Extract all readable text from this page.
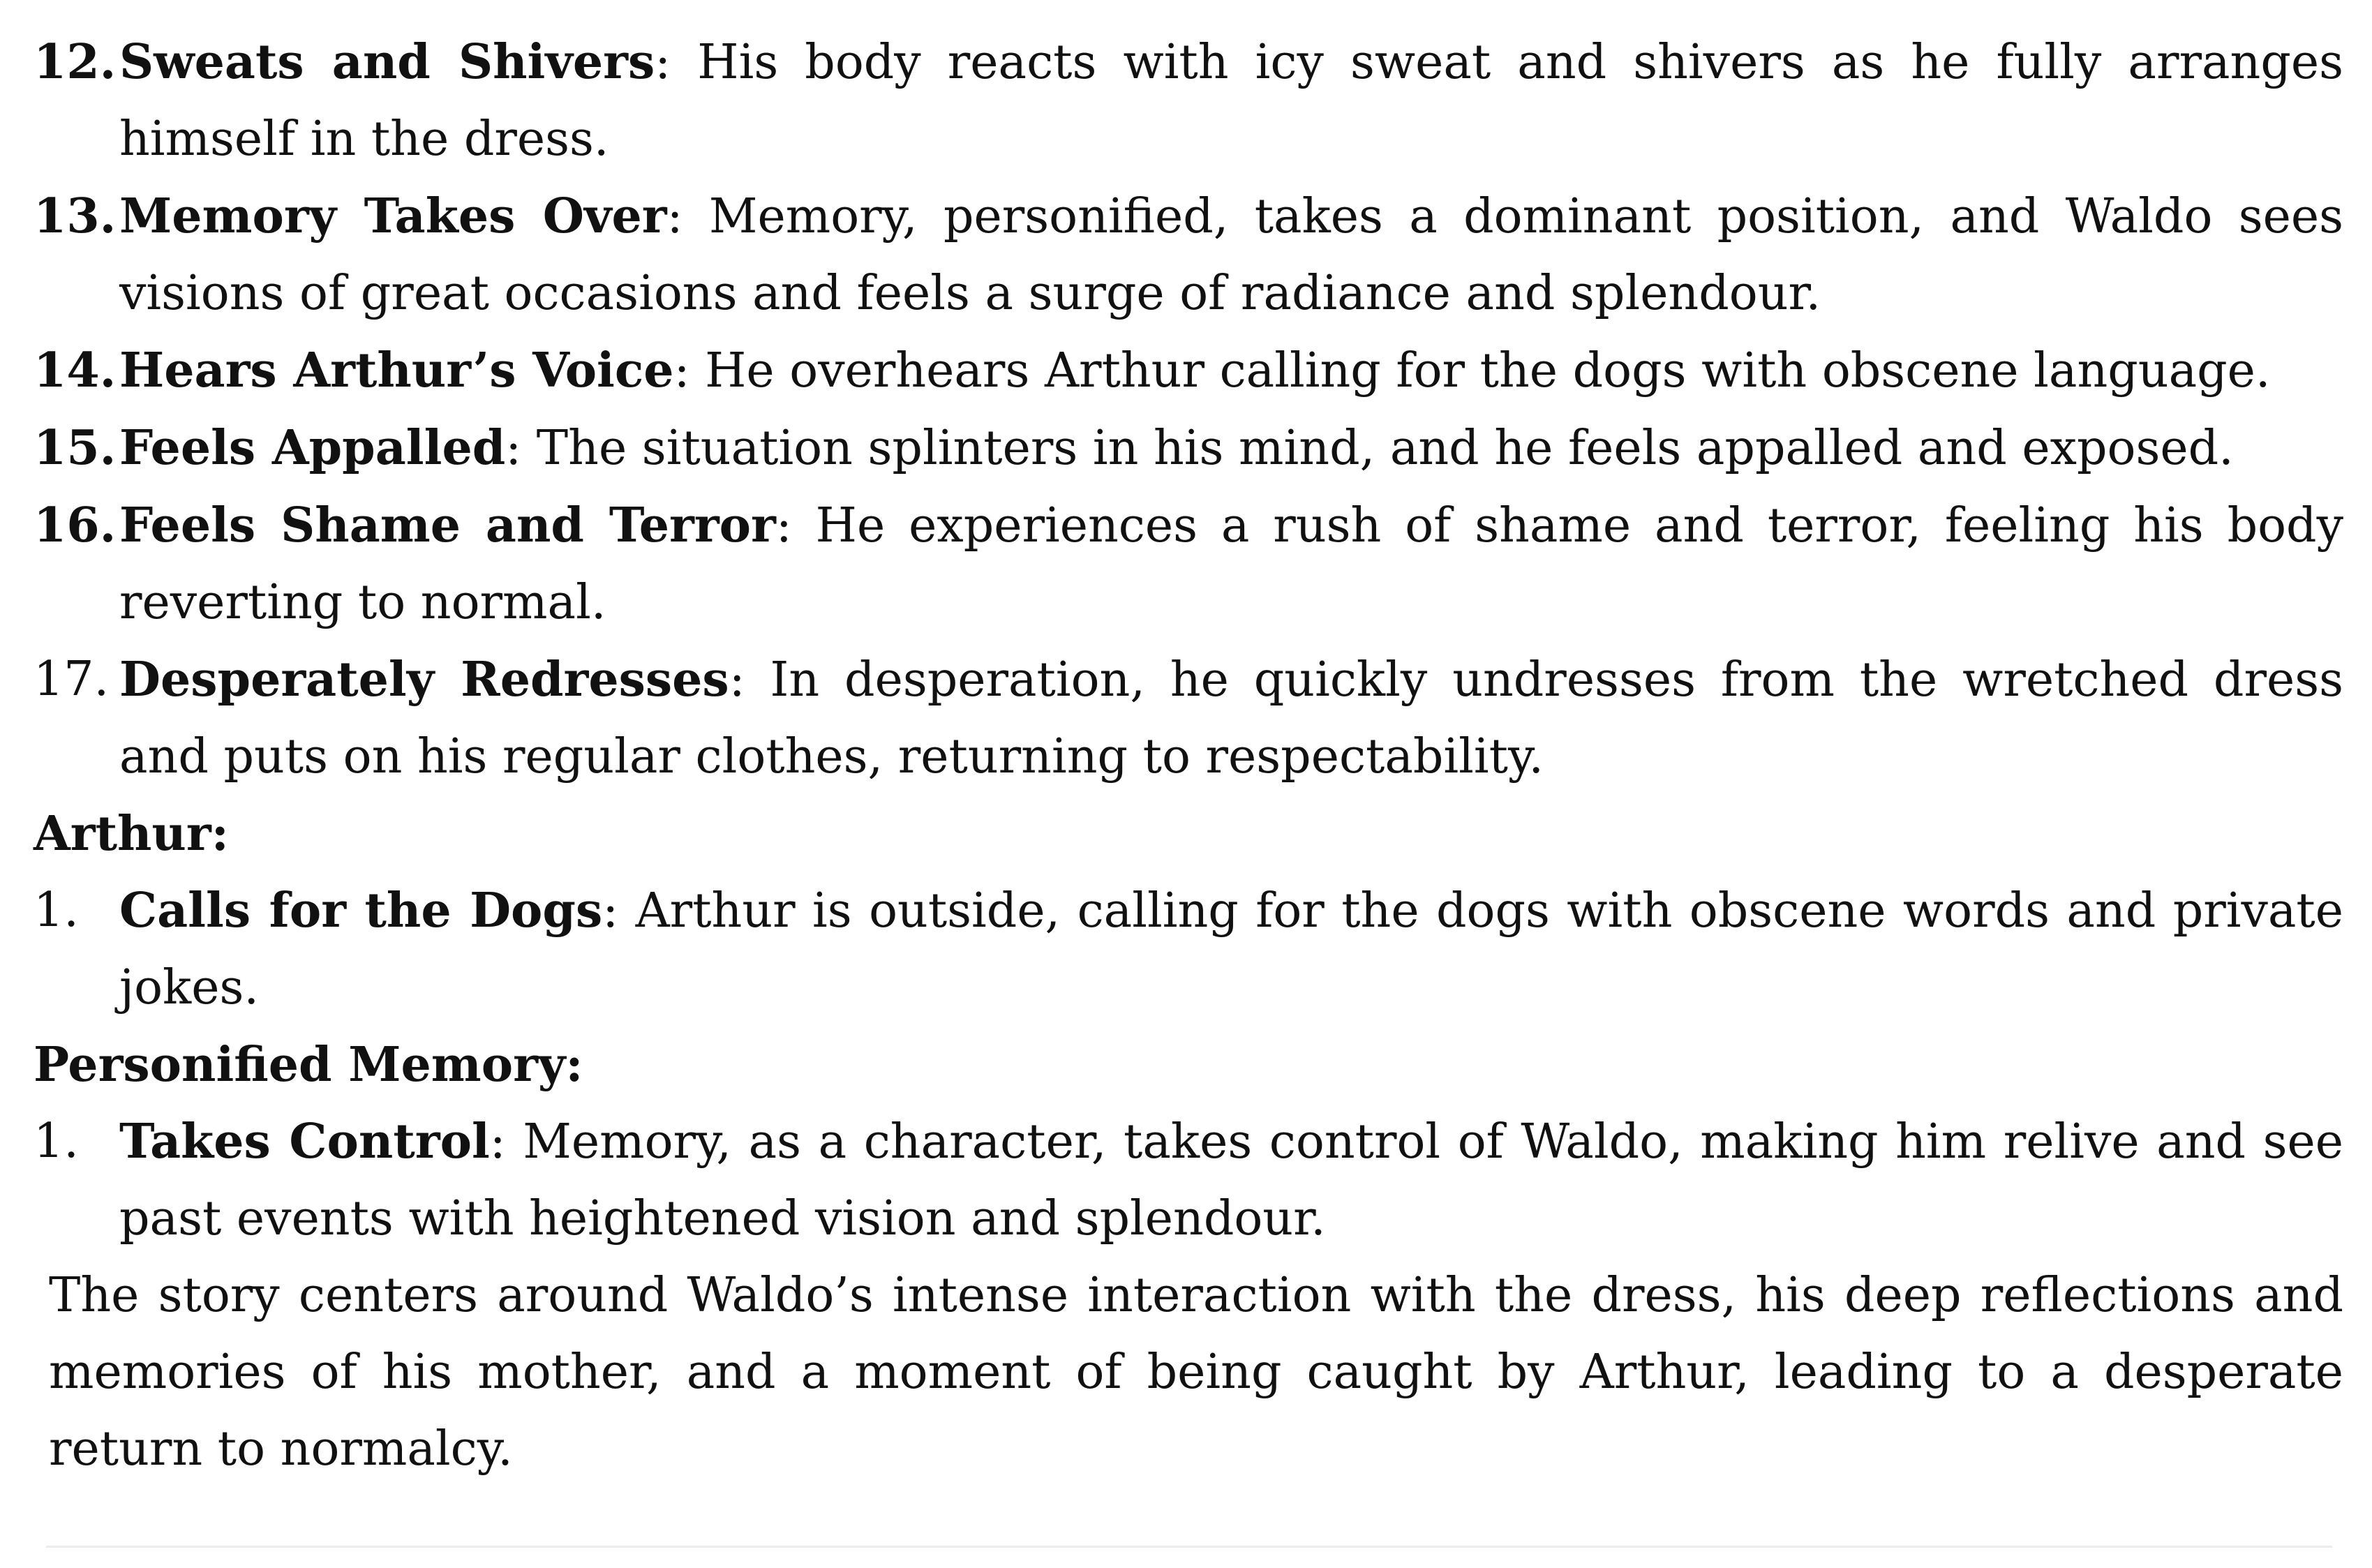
12. Sweats and Shivers: His body reacts with icy sweat and shivers as he fully arranges himself in the dress.
13. Memory Takes Over: Memory, personified, takes a dominant position, and Waldo sees visions of great occasions and feels a surge of radiance and splendour.
14. Hears Arthur’s Voice: He overhears Arthur calling for the dogs with obscene language.
15. Feels Appalled: The situation splinters in his mind, and he feels appalled and exposed.
16. Feels Shame and Terror: He experiences a rush of shame and terror, feeling his body reverting to normal.
17. Desperately Redresses: In desperation, he quickly undresses from the wretched dress and puts on his regular clothes, returning to respectability.
Arthur:
1. Calls for the Dogs: Arthur is outside, calling for the dogs with obscene words and private jokes.
Personified Memory:
1. Takes Control: Memory, as a character, takes control of Waldo, making him relive and see past events with heightened vision and splendour.
The story centers around Waldo’s intense interaction with the dress, his deep reflections and memories of his mother, and a moment of being caught by Arthur, leading to a desperate return to normalcy.
